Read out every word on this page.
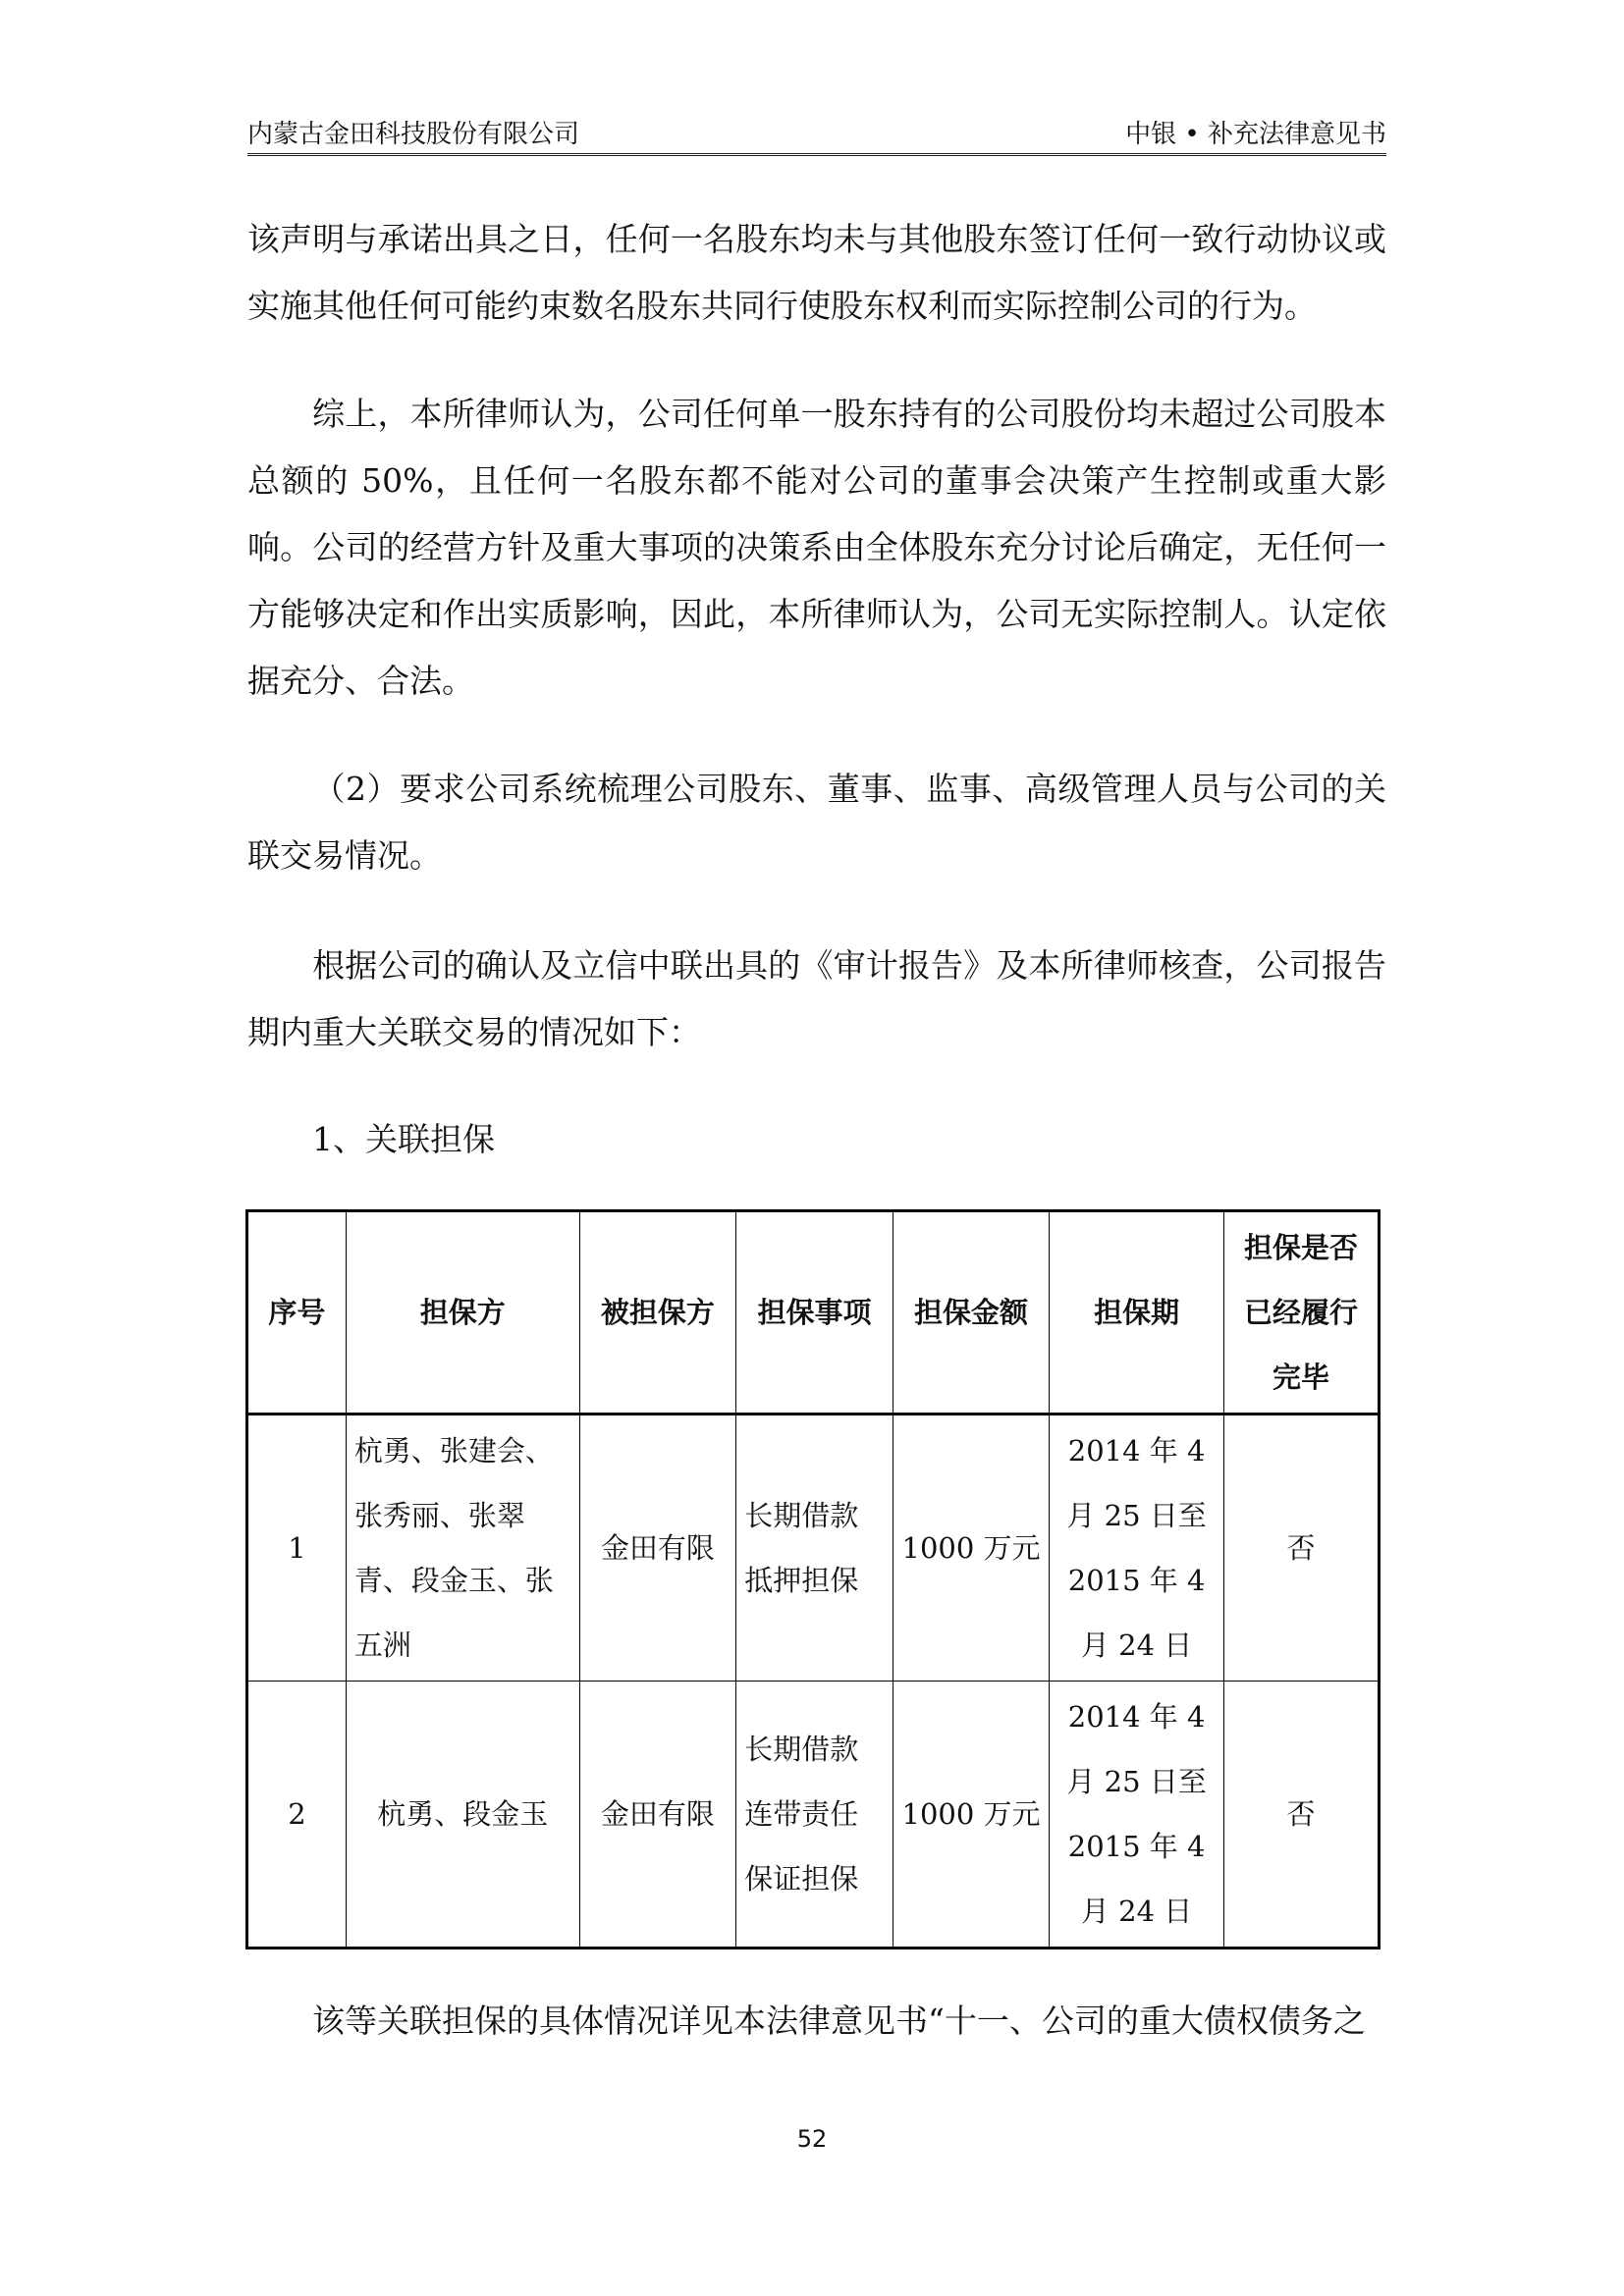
内蒙古金田科技股份有限公司	中银 • 补充法律意见书
该声明与承诺出具之日，任何一名股东均未与其他股东签订任何一致行动协议或实施其他任何可能约束数名股东共同行使股东权利而实际控制公司的行为。
综上，本所律师认为，公司任何单一股东持有的公司股份均未超过公司股本总额的 50%，且任何一名股东都不能对公司的董事会决策产生控制或重大影响。公司的经营方针及重大事项的决策系由全体股东充分讨论后确定，无任何一方能够决定和作出实质影响，因此，本所律师认为，公司无实际控制人。认定依据充分、合法。
（2）要求公司系统梳理公司股东、董事、监事、高级管理人员与公司的关联交易情况。
根据公司的确认及立信中联出具的《审计报告》及本所律师核查，公司报告期内重大关联交易的情况如下：
1、关联担保
序号	担保方	被担保方	担保事项	担保金额	担保期	担保是否已经履行完毕
1	杭勇、张建会、张秀丽、张翠青、段金玉、张五洲	金田有限	长期借款抵押担保	1000 万元	2014 年 4 月 25 日至 2015 年 4 月 24 日	否
2	杭勇、段金玉	金田有限	长期借款连带责任保证担保	1000 万元	2014 年 4 月 25 日至 2015 年 4 月 24 日	否
该等关联担保的具体情况详见本法律意见书“十一、公司的重大债权债务之
52
